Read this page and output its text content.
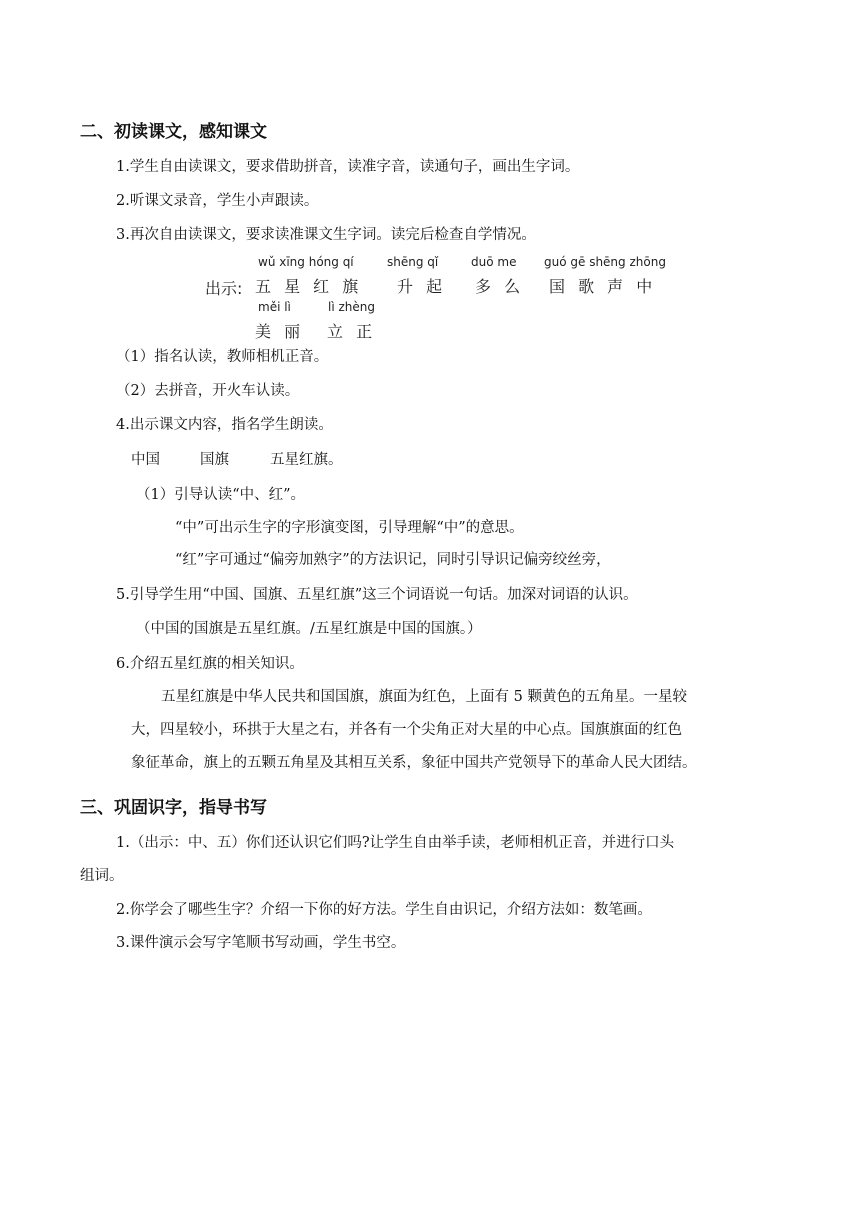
二、初读课文，感知课文
1.学生自由读课文，要求借助拼音，读准字音，读通句子，画出生字词。
2.听课文录音，学生小声跟读。
3.再次自由读课文，要求读准课文生字词。读完后检查自学情况。
出示:
wǔ xīng hóng qí
五 星 红 旗
shēng qǐ
升 起
duō me
多 么
guó gē shēng zhōng
国 歌 声 中
měi lì
美 丽
lì zhèng
立 正
（1）指名认读，教师相机正音。
（2）去拼音，开火车认读。
4.出示课文内容，指名学生朗读。
中国	国旗	五星红旗。
（1）引导认读“中、红”。
“中”可出示生字的字形演变图，引导理解“中”的意思。
“红”字可通过“偏旁加熟字”的方法识记，同时引导识记偏旁绞丝旁，
5.引导学生用“中国、国旗、五星红旗”这三个词语说一句话。加深对词语的认识。
（中国的国旗是五星红旗。/五星红旗是中国的国旗。）
6.介绍五星红旗的相关知识。
五星红旗是中华人民共和国国旗，旗面为红色，上面有 5 颗黄色的五角星。一星较
大，四星较小，环拱于大星之右，并各有一个尖角正对大星的中心点。国旗旗面的红色
象征革命，旗上的五颗五角星及其相互关系，象征中国共产党领导下的革命人民大团结。
三、巩固识字，指导书写
1.（出示：中、五）你们还认识它们吗?让学生自由举手读，老师相机正音，并进行口头
组词。
2.你学会了哪些生字？介绍一下你的好方法。学生自由识记，介绍方法如：数笔画。
3.课件演示会写字笔顺书写动画，学生书空。
